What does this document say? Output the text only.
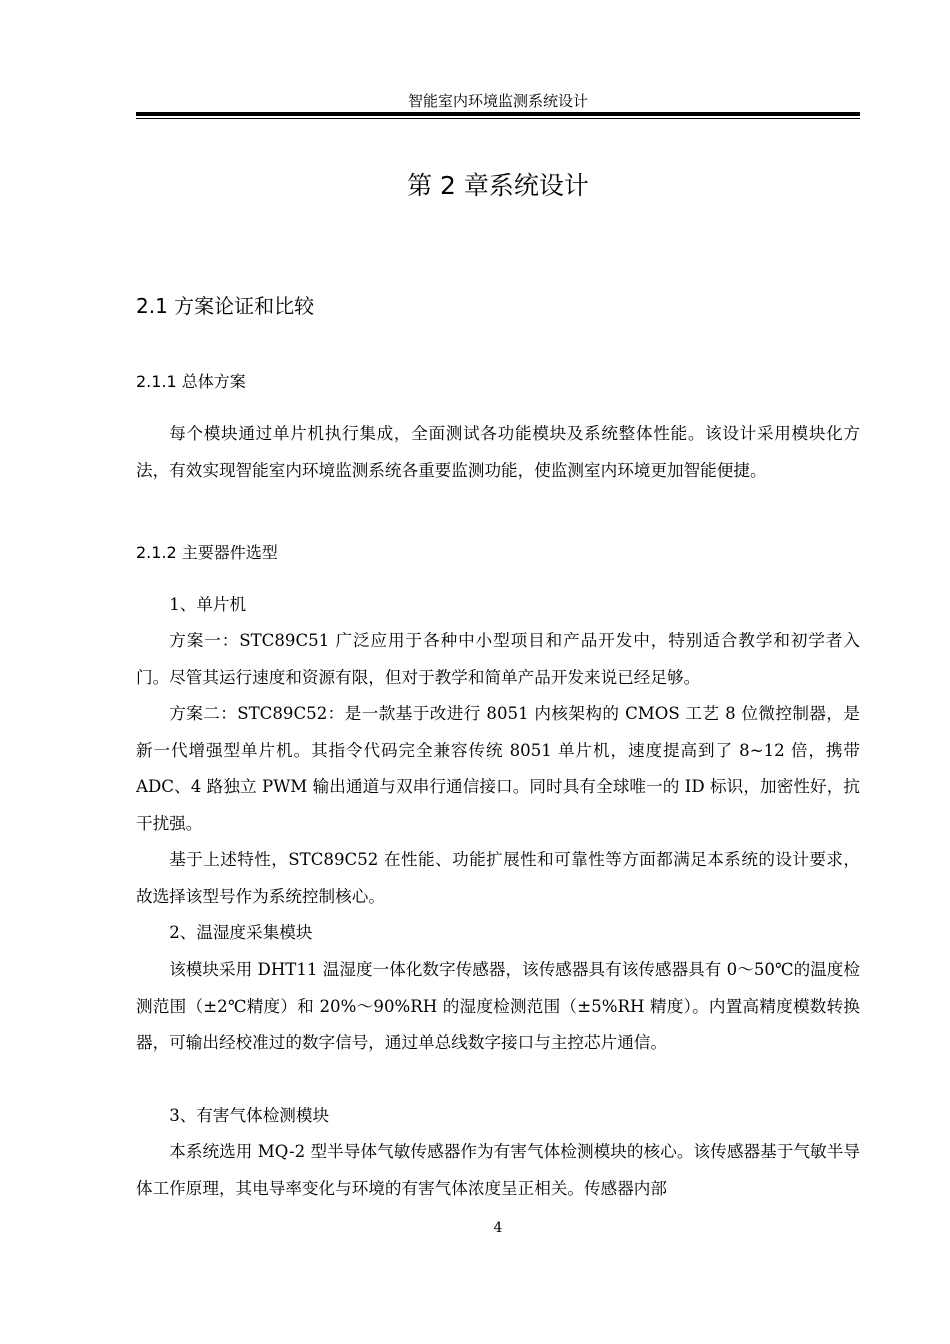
智能室内环境监测系统设计
第 2 章系统设计
2.1 方案论证和比较
2.1.1 总体方案
每个模块通过单片机执行集成，全面测试各功能模块及系统整体性能。该设计采用模块化方法，有效实现智能室内环境监测系统各重要监测功能，使监测室内环境更加智能便捷。
2.1.2 主要器件选型
1、单片机
方案一：STC89C51 广泛应用于各种中小型项目和产品开发中，特别适合教学和初学者入门。尽管其运行速度和资源有限，但对于教学和简单产品开发来说已经足够。
方案二：STC89C52：是一款基于改进行 8051 内核架构的 CMOS 工艺 8 位微控制器，是新一代增强型单片机。其指令代码完全兼容传统 8051 单片机，速度提高到了 8~12 倍，携带 ADC、4 路独立 PWM 输出通道与双串行通信接口。同时具有全球唯一的 ID 标识，加密性好，抗干扰强。
基于上述特性，STC89C52 在性能、功能扩展性和可靠性等方面都满足本系统的设计要求，故选择该型号作为系统控制核心。
2、温湿度采集模块
该模块采用 DHT11 温湿度一体化数字传感器，该传感器具有该传感器具有 0～50℃的温度检测范围（±2℃精度）和 20%～90%RH 的湿度检测范围（±5%RH 精度）。内置高精度模数转换器，可输出经校准过的数字信号，通过单总线数字接口与主控芯片通信。
3、有害气体检测模块
本系统选用 MQ-2 型半导体气敏传感器作为有害气体检测模块的核心。该传感器基于气敏半导体工作原理，其电导率变化与环境的有害气体浓度呈正相关。传感器内部
4
